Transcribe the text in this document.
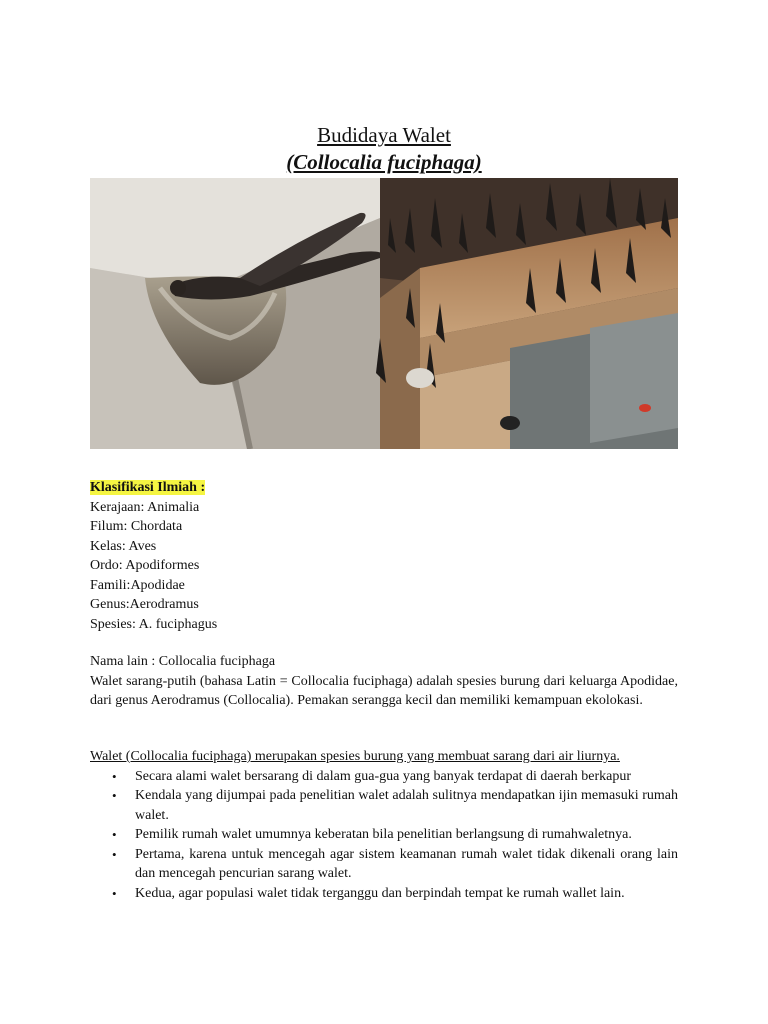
Budidaya Walet
(Collocalia fuciphaga)
Klasifikasi Ilmiah :
Kerajaan: Animalia
Filum: Chordata
Kelas: Aves
Ordo: Apodiformes
Famili:Apodidae
Genus:Aerodramus
Spesies: A. fuciphagus
Nama lain : Collocalia fuciphaga
Walet sarang-putih (bahasa Latin = Collocalia fuciphaga) adalah spesies burung dari keluarga Apodidae, dari genus Aerodramus (Collocalia). Pemakan serangga kecil dan memiliki kemampuan ekolokasi.
Walet (Collocalia fuciphaga) merupakan spesies burung yang membuat sarang dari air liurnya.
• Secara alami walet bersarang di dalam gua-gua yang banyak terdapat di daerah berkapur
• Kendala yang dijumpai pada penelitian walet adalah sulitnya mendapatkan ijin memasuki rumah walet.
• Pemilik rumah walet umumnya keberatan bila penelitian berlangsung di rumahwaletnya.
• Pertama, karena untuk mencegah agar sistem keamanan rumah walet tidak dikenali orang lain dan mencegah pencurian sarang walet.
• Kedua, agar populasi walet tidak terganggu dan berpindah tempat ke rumah wallet lain.
